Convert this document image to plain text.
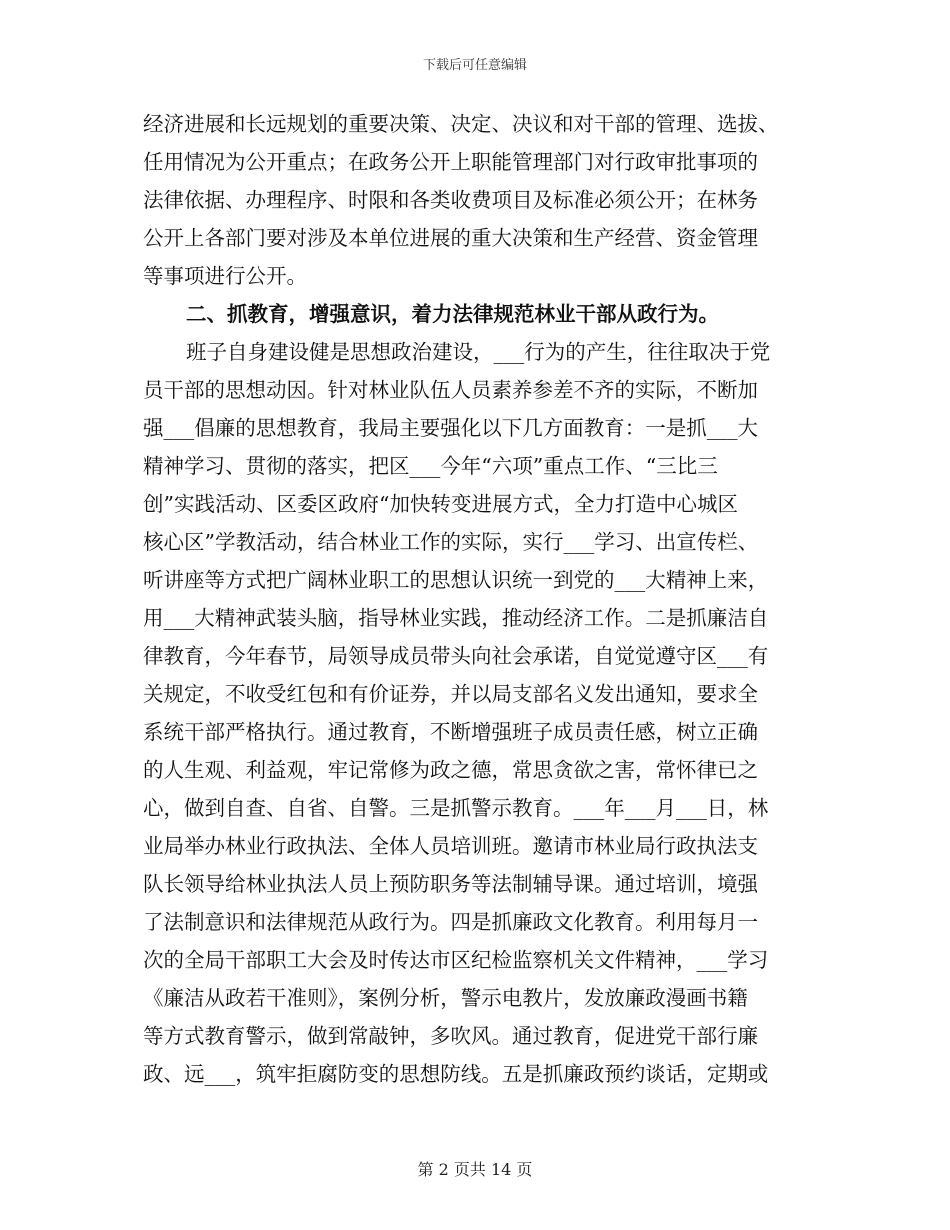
下载后可任意编辑
经济进展和长远规划的重要决策、决定、决议和对干部的管理、选拔、
任用情况为公开重点；在政务公开上职能管理部门对行政审批事项的
法律依据、办理程序、时限和各类收费项目及标准必须公开；在林务
公开上各部门要对涉及本单位进展的重大决策和生产经营、资金管理
等事项进行公开。
二、抓教育，增强意识，着力法律规范林业干部从政行为。
班子自身建设健是思想政治建设，___行为的产生，往往取决于党
员干部的思想动因。针对林业队伍人员素养参差不齐的实际，不断加
强___倡廉的思想教育，我局主要强化以下几方面教育：一是抓___大
精神学习、贯彻的落实，把区___今年“六项”重点工作、“三比三
创”实践活动、区委区政府“加快转变进展方式，全力打造中心城区
核心区”学教活动，结合林业工作的实际，实行___学习、出宣传栏、
听讲座等方式把广阔林业职工的思想认识统一到党的___大精神上来，
用___大精神武装头脑，指导林业实践，推动经济工作。二是抓廉洁自
律教育，今年春节，局领导成员带头向社会承诺，自觉觉遵守区___有
关规定，不收受红包和有价证券，并以局支部名义发出通知，要求全
系统干部严格执行。通过教育，不断增强班子成员责任感，树立正确
的人生观、利益观，牢记常修为政之德，常思贪欲之害，常怀律已之
心，做到自查、自省、自警。三是抓警示教育。___年___月___日，林
业局举办林业行政执法、全体人员培训班。邀请市林业局行政执法支
队长领导给林业执法人员上预防职务等法制辅导课。通过培训，境强
了法制意识和法律规范从政行为。四是抓廉政文化教育。利用每月一
次的全局干部职工大会及时传达市区纪检监察机关文件精神，___学习
《廉洁从政若干准则》，案例分析，警示电教片，发放廉政漫画书籍
等方式教育警示，做到常敲钟，多吹风。通过教育，促进党干部行廉
政、远___，筑牢拒腐防变的思想防线。五是抓廉政预约谈话，定期或
第 2 页共 14 页
